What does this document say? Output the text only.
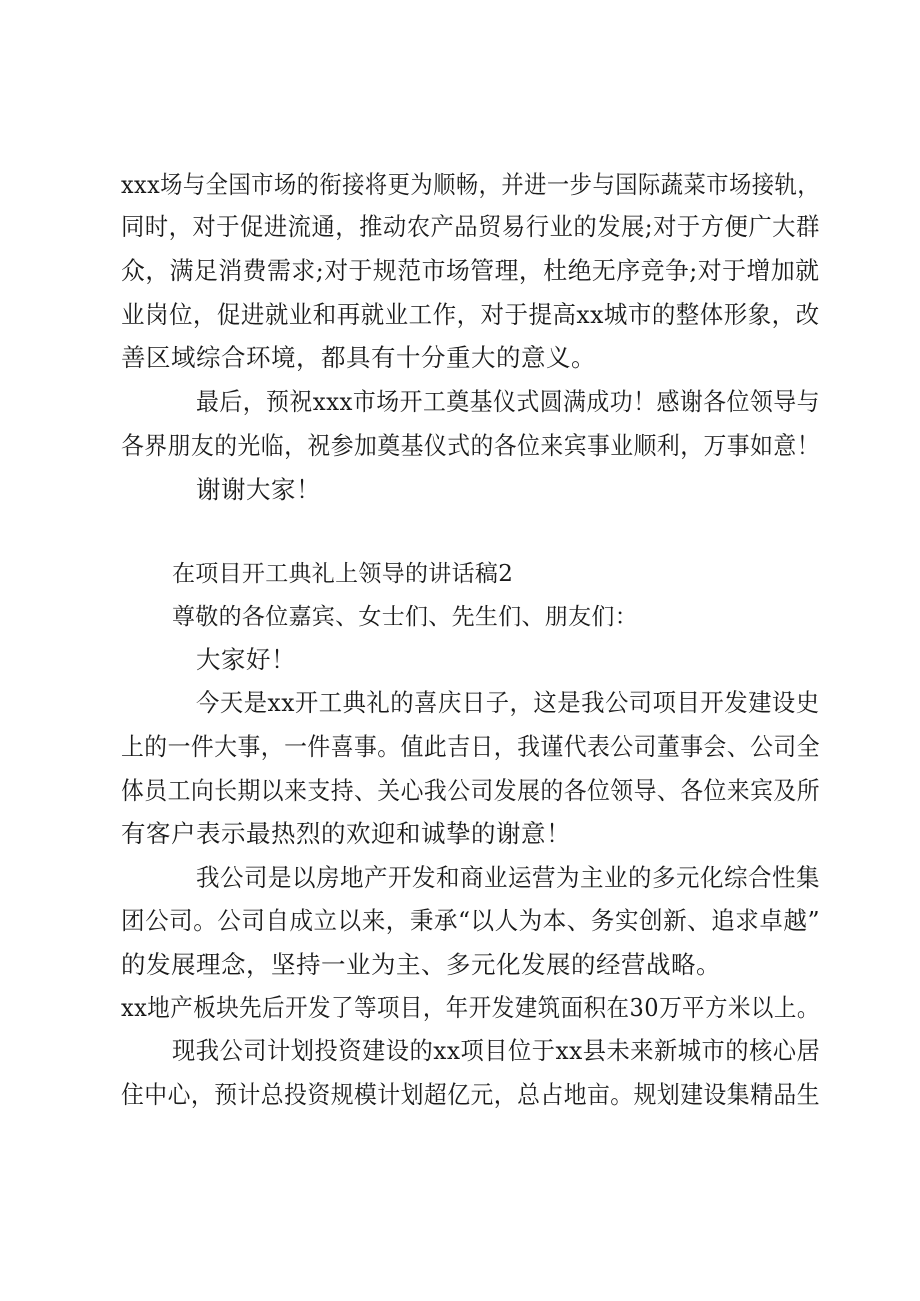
xxx场与全国市场的衔接将更为顺畅，并进一步与国际蔬菜市场接轨，
同时，对于促进流通，推动农产品贸易行业的发展;对于方便广大群
众，满足消费需求;对于规范市场管理，杜绝无序竞争;对于增加就
业岗位，促进就业和再就业工作，对于提高xx城市的整体形象，改
善区域综合环境，都具有十分重大的意义。
最后，预祝xxx市场开工奠基仪式圆满成功！感谢各位领导与
各界朋友的光临，祝参加奠基仪式的各位来宾事业顺利，万事如意！
谢谢大家！
在项目开工典礼上领导的讲话稿2
尊敬的各位嘉宾、女士们、先生们、朋友们：
大家好！
今天是xx开工典礼的喜庆日子，这是我公司项目开发建设史
上的一件大事，一件喜事。值此吉日，我谨代表公司董事会、公司全
体员工向长期以来支持、关心我公司发展的各位领导、各位来宾及所
有客户表示最热烈的欢迎和诚挚的谢意！
我公司是以房地产开发和商业运营为主业的多元化综合性集
团公司。公司自成立以来，秉承“以人为本、务实创新、追求卓越”
的发展理念，坚持一业为主、多元化发展的经营战略。
xx地产板块先后开发了等项目，年开发建筑面积在30万平方米以上。
现我公司计划投资建设的xx项目位于xx县未来新城市的核心居
住中心，预计总投资规模计划超亿元，总占地亩。规划建设集精品生
